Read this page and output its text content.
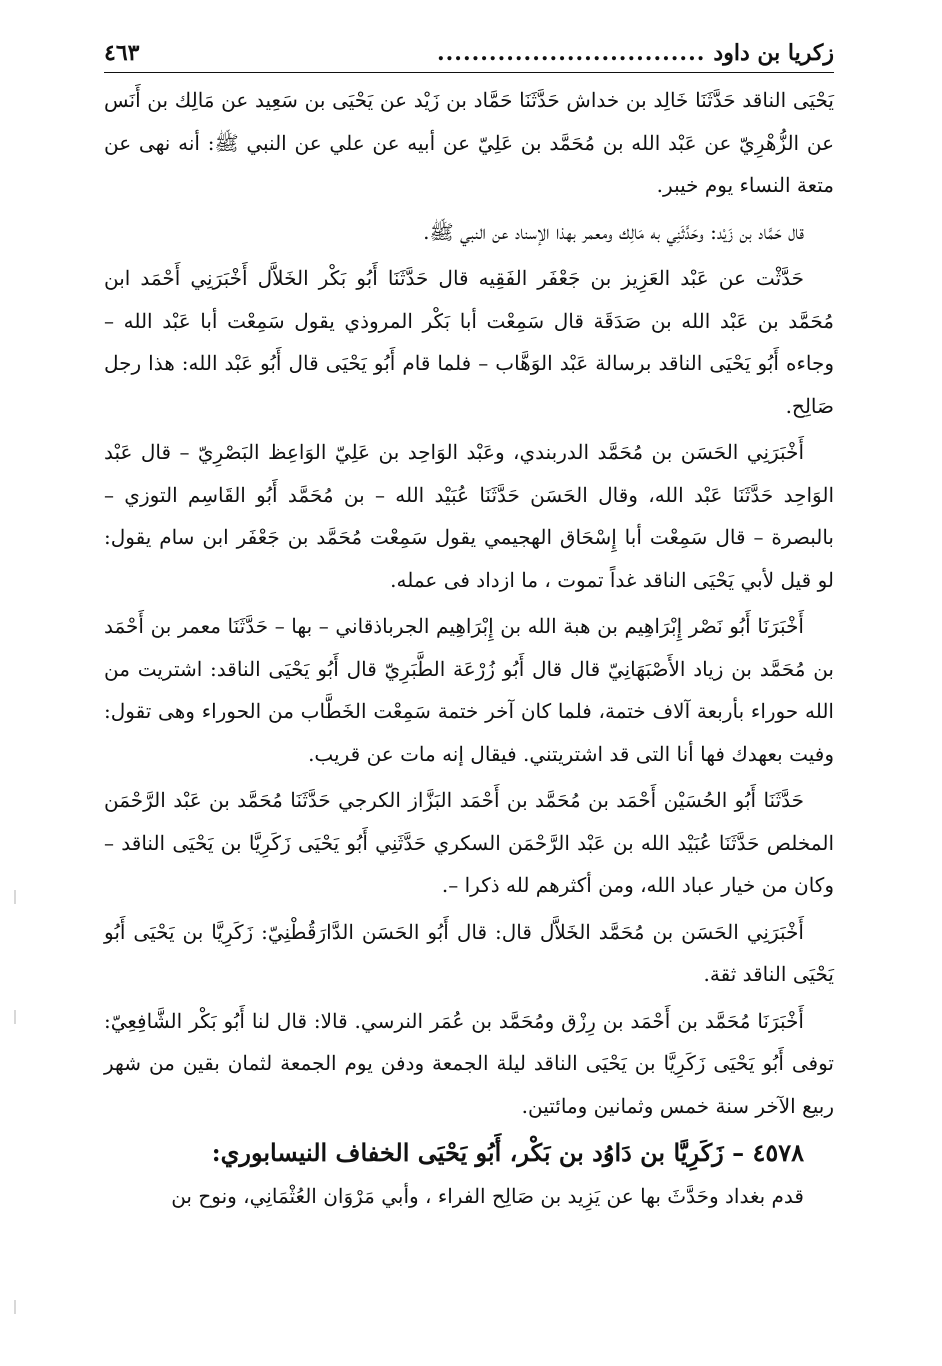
زكريا بن داود
...............................
٤٦٣

يَحْيَى الناقد حَدَّثَنَا خَالِد بن خداش حَدَّثَنَا حَمَّاد بن زَيْد عن يَحْيَى بن سَعِيد عن مَالِك بن أَنَس عن الزُّهْرِيّ عن عَبْد الله بن مُحَمَّد بن عَلِيّ عن أبيه عن علي عن النبي ﷺ: أنه نهى عن متعة النساء يوم خيبر.

قال حَمَّاد بن زَيْد: وحَدَّثَنِي به مَالِك ومعمر بهذا الإسناد عن النبي ﷺ.

حَدَّثْت عن عَبْد العَزِيز بن جَعْفَر الفَقِيه قال حَدَّثَنَا أَبُو بَكْر الخَلاَّل أَخْبَرَنِي أَحْمَد ابن مُحَمَّد بن عَبْد الله بن صَدَقَة قال سَمِعْت أبا بَكْر المروذي يقول سَمِعْت أبا عَبْد الله – وجاءه أَبُو يَحْيَى الناقد برسالة عَبْد الوَهَّاب – فلما قام أَبُو يَحْيَى قال أَبُو عَبْد الله: هذا رجل صَالِح.

أَخْبَرَنِي الحَسَن بن مُحَمَّد الدربندي، وعَبْد الوَاحِد بن عَلِيّ الوَاعِظ البَصْرِيّ – قال عَبْد الوَاحِد حَدَّثَنَا عَبْد الله، وقال الحَسَن حَدَّثَنَا عُبَيْد الله – بن مُحَمَّد أَبُو القَاسِم التوزي – بالبصرة – قال سَمِعْت أبا إِسْحَاق الهجيمي يقول سَمِعْت مُحَمَّد بن جَعْفَر ابن سام يقول: لو قيل لأبي يَحْيَى الناقد غداً تموت ، ما ازداد فى عمله.

أَخْبَرَنَا أَبُو نَصْر إِبْرَاهِيم بن هبة الله بن إِبْرَاهِيم الجرباذقاني – بها – حَدَّثَنَا معمر بن أَحْمَد بن مُحَمَّد بن زياد الأَصْبَهَانِيّ قال قال أَبُو زُرْعَة الطَّبَرِيّ قال أَبُو يَحْيَى الناقد: اشتريت من الله حوراء بأربعة آلاف ختمة، فلما كان آخر ختمة سَمِعْت الخَطَّاب من الحوراء وهى تقول: وفيت بعهدك فها أنا التى قد اشتريتني. فيقال إنه مات عن قريب.

حَدَّثَنَا أَبُو الحُسَيْن أَحْمَد بن مُحَمَّد بن أَحْمَد البَزَّاز الكرجي حَدَّثَنَا مُحَمَّد بن عَبْد الرَّحْمَن المخلص حَدَّثَنَا عُبَيْد الله بن عَبْد الرَّحْمَن السكري حَدَّثَنِي أَبُو يَحْيَى زَكَرِيَّا بن يَحْيَى الناقد – وكان من خيار عباد الله، ومن أكثرهم لله ذكرا –.

أَخْبَرَنِي الحَسَن بن مُحَمَّد الخَلاَّل قال: قال أَبُو الحَسَن الدَّارَقُطْنِيّ: زَكَرِيَّا بن يَحْيَى أَبُو يَحْيَى الناقد ثقة.

أَخْبَرَنَا مُحَمَّد بن أَحْمَد بن رِزْق ومُحَمَّد بن عُمَر النرسي. قالا: قال لنا أَبُو بَكْر الشَّافِعِيّ: توفى أَبُو يَحْيَى زَكَرِيَّا بن يَحْيَى الناقد ليلة الجمعة ودفن يوم الجمعة لثمان بقين من شهر ربيع الآخر سنة خمس وثمانين ومائتين.

٤٥٧٨ – زَكَرِيَّا بن دَاوُد بن بَكْر، أَبُو يَحْيَى الخفاف النيسابوري:

قدم بغداد وحَدَّثَ بها عن يَزِيد بن صَالِح الفراء ، وأبي مَرْوَان العُثْمَانِي، ونوح بن
